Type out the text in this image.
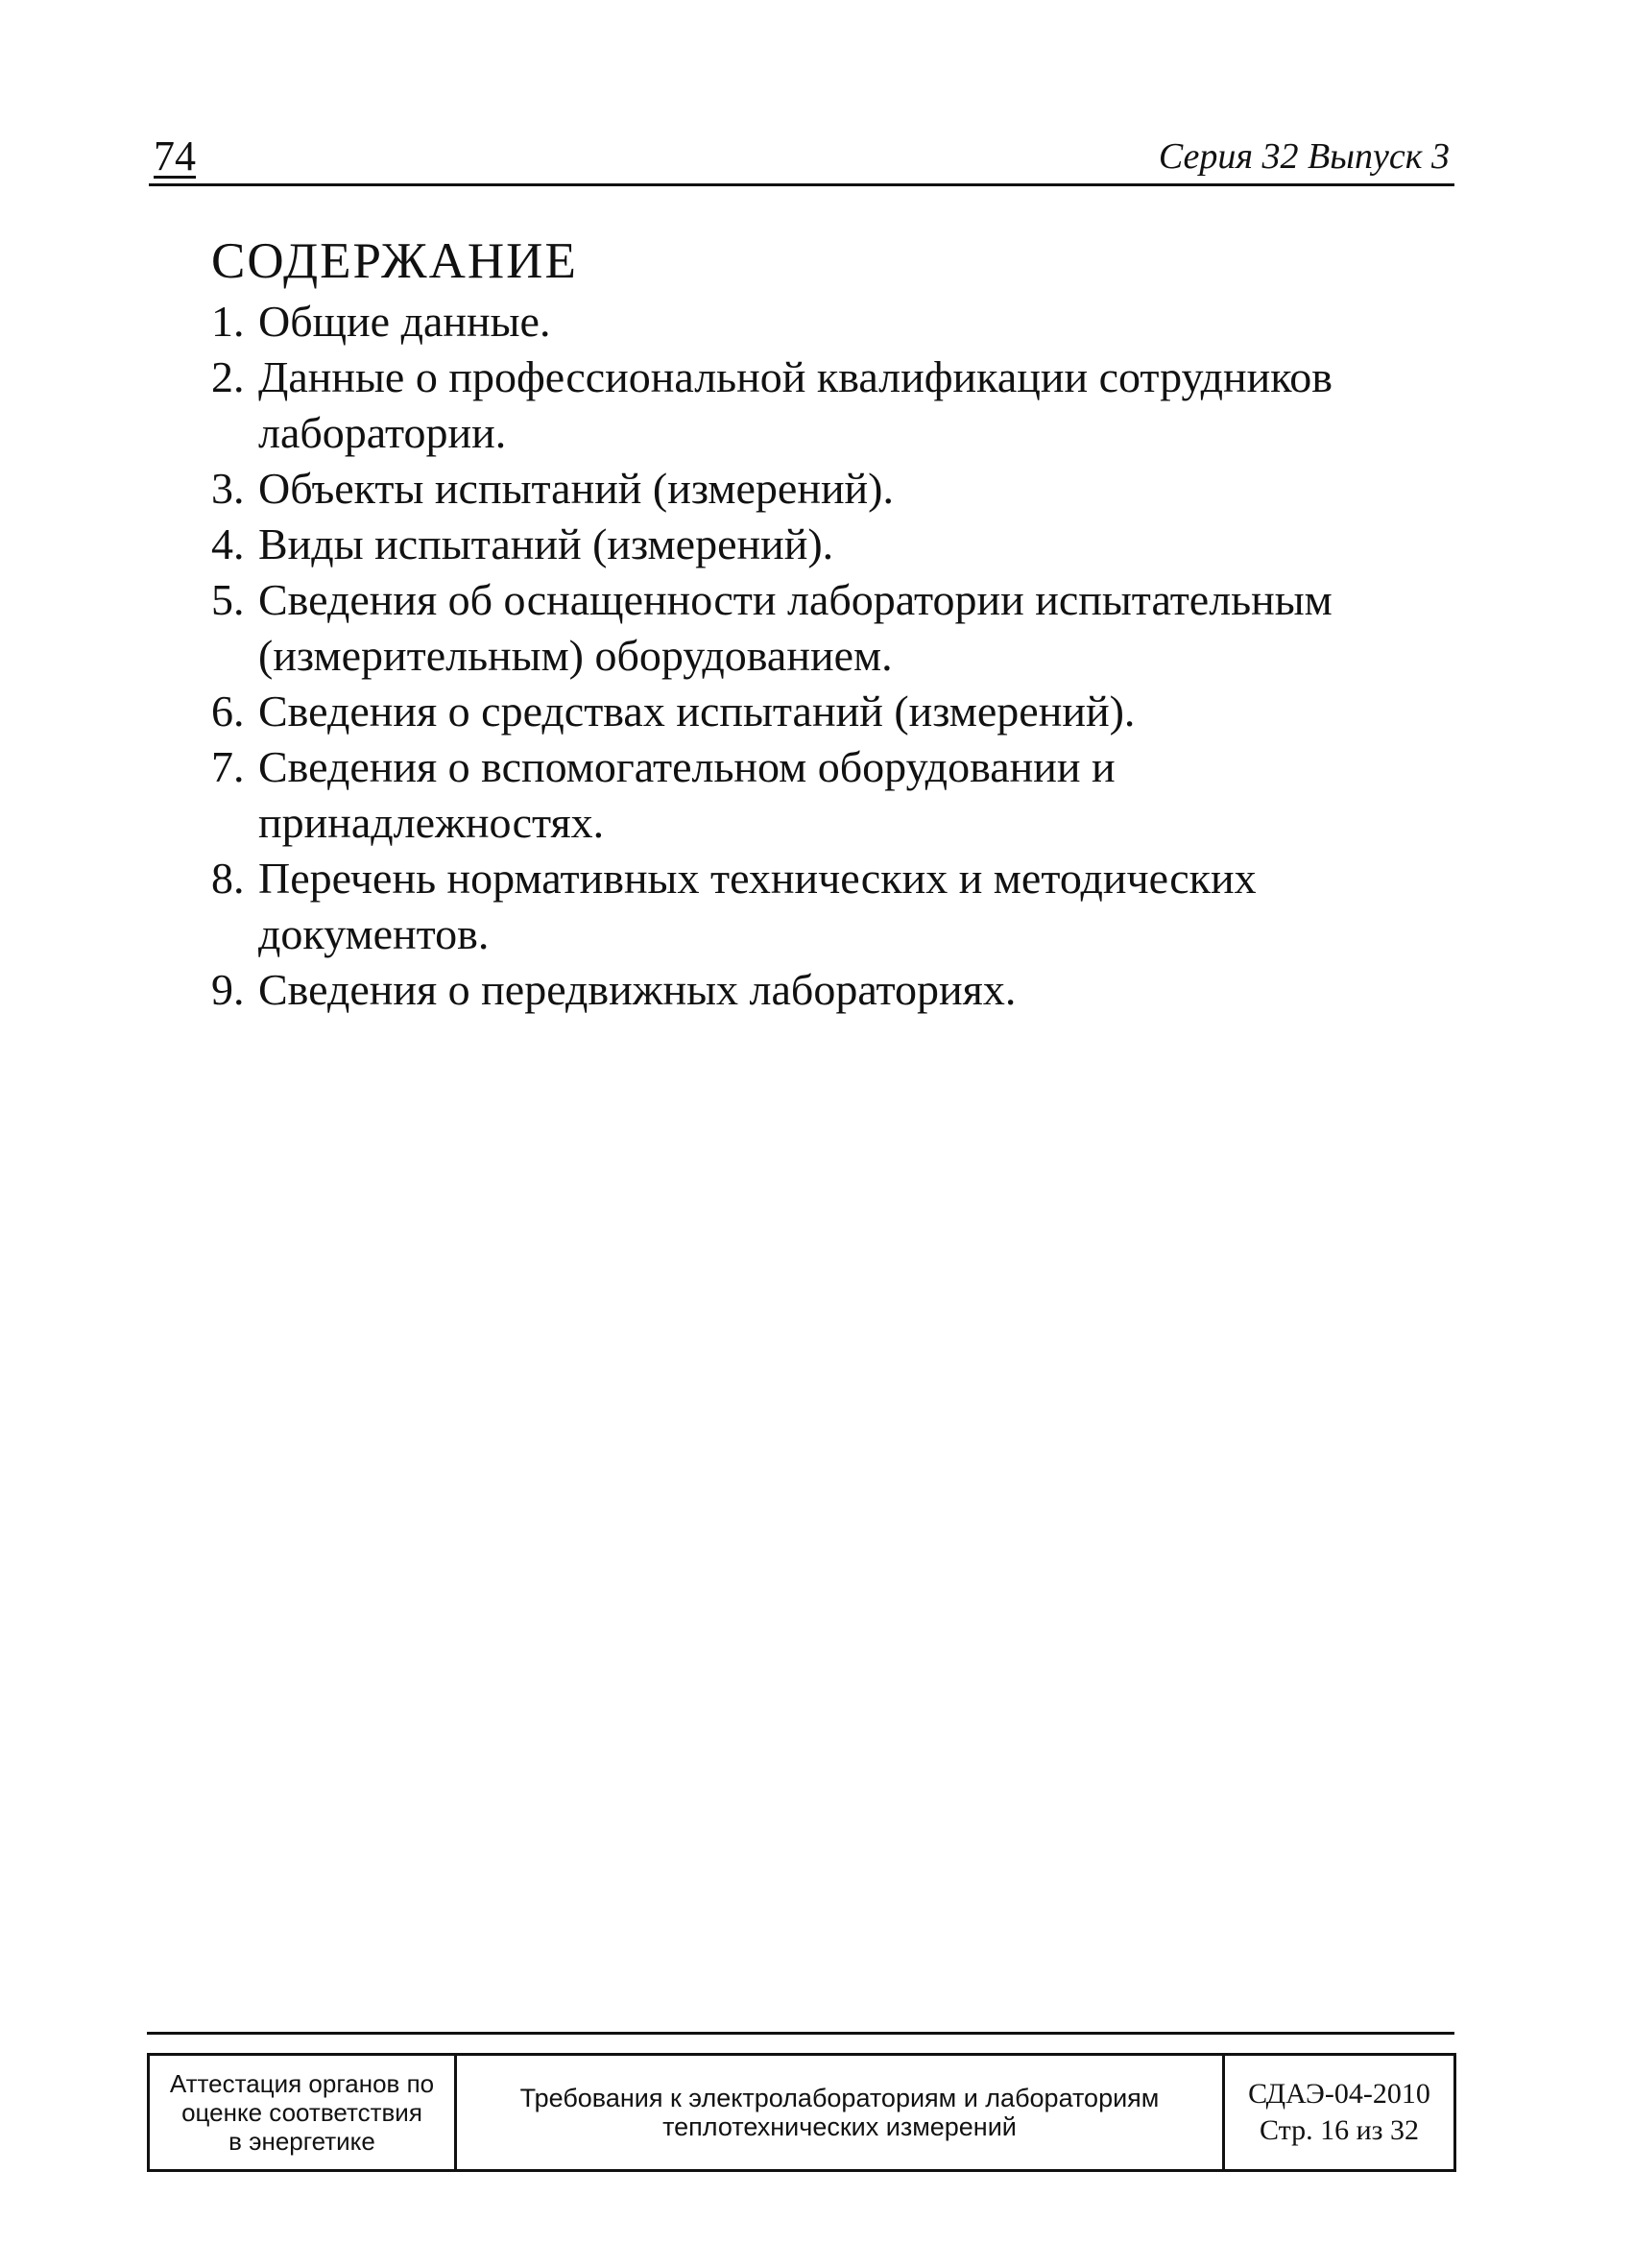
74	Серия 32 Выпуск 3
СОДЕРЖАНИЕ
1. Общие данные.
2. Данные о профессиональной квалификации сотрудников лаборатории.
3. Объекты испытаний (измерений).
4. Виды испытаний (измерений).
5. Сведения об оснащенности лаборатории испытательным (измерительным) оборудованием.
6. Сведения о средствах испытаний (измерений).
7. Сведения о вспомогательном оборудовании и принадлежностях.
8. Перечень нормативных технических и методических документов.
9. Сведения о передвижных лабораториях.
Аттестация органов по
оценке соответствия
в энергетике
Требования к электролабораториям и лабораториям
теплотехнических измерений
СДАЭ-04-2010
Стр. 16 из 32
